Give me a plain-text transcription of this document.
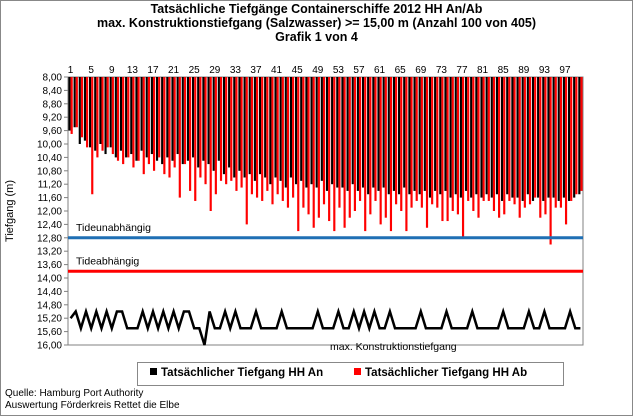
Tatsächliche Tiefgänge Containerschiffe 2012 HH An/Ab
max. Konstruktionstiefgang (Salzwasser) >= 15,00 m (Anzahl 100 von 405)
Grafik 1 von 4
8,00
8,40
8,80
9,20
9,60
10,00
10,40
10,80
11,20
11,60
12,00
12,40
12,80
13,20
13,60
14,00
14,40
14,80
15,20
15,60
16,00
Tiefgang (m)
1 5 9 13 17 21 25 29 33 37 41 45 49 53 57 61 65 69 73 77 81 85 89 93 97
Tideunabhängig
Tideabhängig
max. Konstruktionstiefgang
Tatsächlicher Tiefgang HH An	Tatsächlicher Tiefgang HH Ab
Quelle: Hamburg Port Authority
Auswertung Förderkreis Rettet die Elbe
